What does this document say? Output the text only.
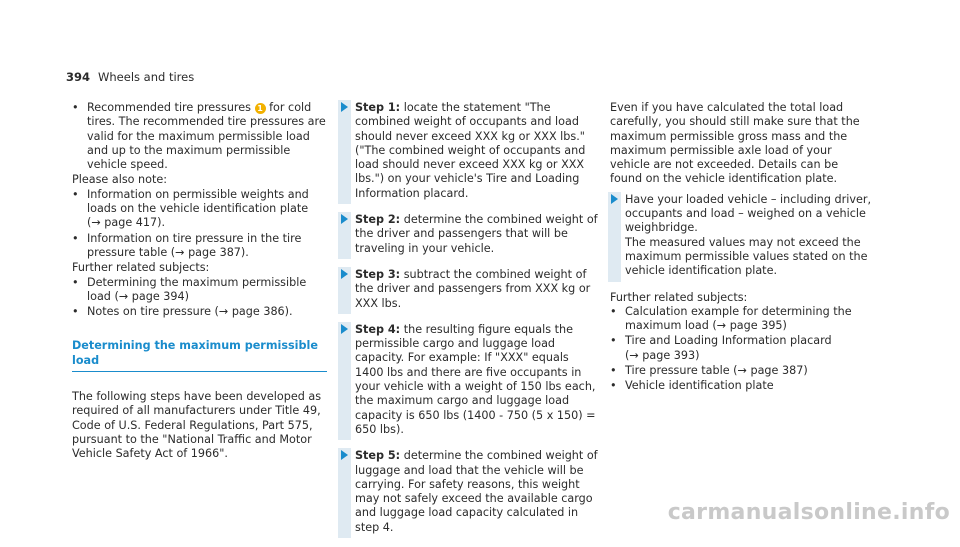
394 Wheels and tires
• Recommended tire pressures 1 for cold tires. The recommended tire pressures are valid for the maximum permissible load and up to the maximum permissible vehicle speed.

Please also note:

• Information on permissible weights and loads on the vehicle identification plate (→ page 417).
• Information on tire pressure in the tire pressure table (→ page 387).

Further related subjects:

• Determining the maximum permissible load (→ page 394)
• Notes on tire pressure (→ page 386).
Determining the maximum permissible load

The following steps have been developed as required of all manufacturers under Title 49, Code of U.S. Federal Regulations, Part 575, pursuant to the "National Traffic and Motor Vehicle Safety Act of 1966".

Step 1: locate the statement "The combined weight of occupants and load should never exceed XXX kg or XXX lbs." ("The combined weight of occupants and load should never exceed XXX kg or XXX lbs.") on your vehicle's Tire and Loading Information placard.
Step 2: determine the combined weight of the driver and passengers that will be traveling in your vehicle.
Step 3: subtract the combined weight of the driver and passengers from XXX kg or XXX lbs.
Step 4: the resulting figure equals the permissible cargo and luggage load capacity. For example: If "XXX" equals 1400 lbs and there are five occupants in your vehicle with a weight of 150 lbs each, the maximum cargo and luggage load capacity is 650 lbs (1400 - 750 (5 x 150) = 650 lbs).
Step 5: determine the combined weight of luggage and load that the vehicle will be carrying. For safety reasons, this weight may not safely exceed the available cargo and luggage load capacity calculated in step 4.

Even if you have calculated the total load carefully, you should still make sure that the maximum permissible gross mass and the maximum permissible axle load of your vehicle are not exceeded. Details can be found on the vehicle identification plate.

Have your loaded vehicle – including driver, occupants and load – weighed on a vehicle weighbridge.
The measured values may not exceed the maximum permissible values stated on the vehicle identification plate.

Further related subjects:

• Calculation example for determining the maximum load (→ page 395)
• Tire and Loading Information placard (→ page 393)
• Tire pressure table (→ page 387)
• Vehicle identification plate
carmanualsonline.info
